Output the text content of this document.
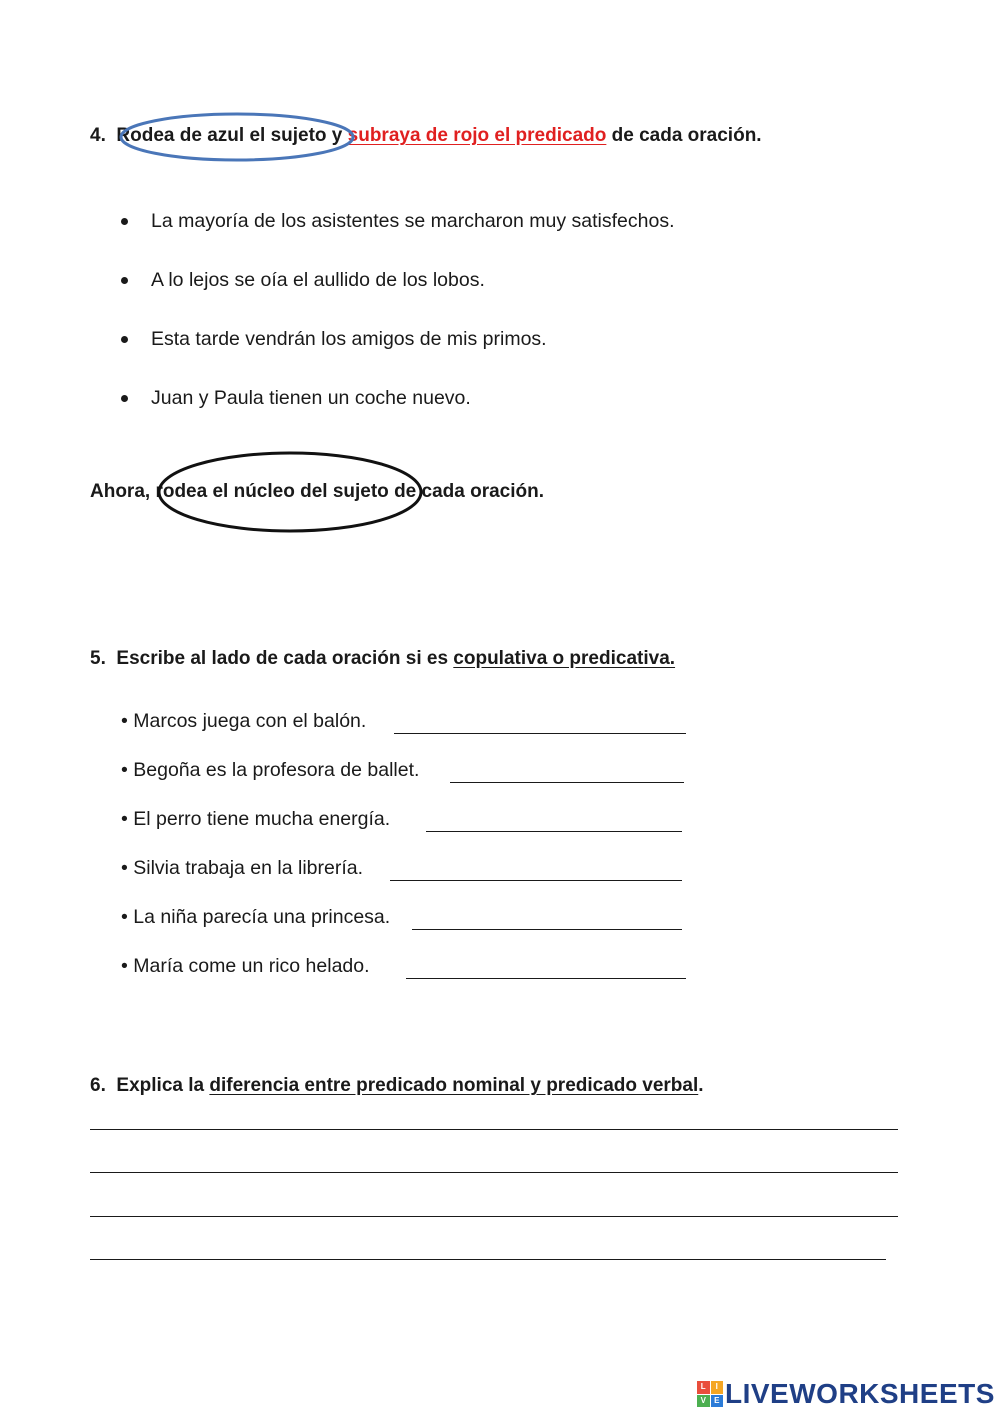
4. Rodea de azul el sujeto y subraya de rojo el predicado de cada oración.
La mayoría de los asistentes se marcharon muy satisfechos.
A lo lejos se oía el aullido de los lobos.
Esta tarde vendrán los amigos de mis primos.
Juan y Paula tienen un coche nuevo.
Ahora, rodea el núcleo del sujeto de cada oración.
5. Escribe al lado de cada oración si es copulativa o predicativa.
• Marcos juega con el balón.
• Begoña es la profesora de ballet.
• El perro tiene mucha energía.
• Silvia trabaja en la librería.
• La niña parecía una princesa.
• María come un rico helado.
6. Explica la diferencia entre predicado nominal y predicado verbal.
L	I
V	E LIVEWORKSHEETS
